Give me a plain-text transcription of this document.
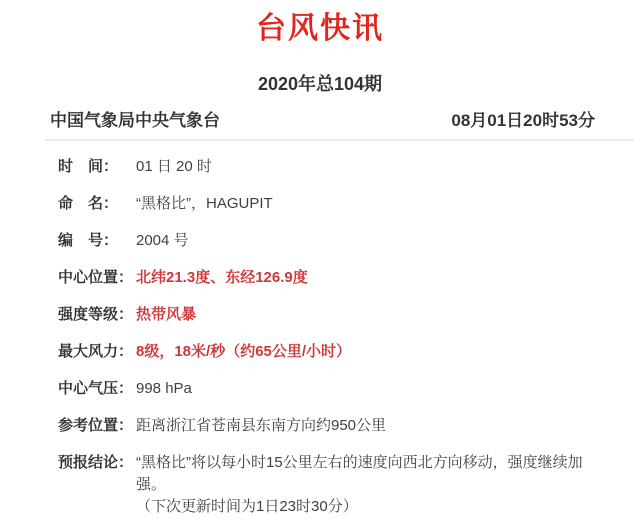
台风快讯
2020年总104期
中国气象局中央气象台	08月01日20时53分
时　间：	01 日 20 时
命　名：	“黑格比”，HAGUPIT
编　号：	2004 号
中心位置： 北纬21.3度、东经126.9度
强度等级： 热带风暴
最大风力： 8级，18米/秒（约65公里/小时）
中心气压： 998 hPa
参考位置： 距离浙江省苍南县东南方向约950公里
预报结论： “黑格比”将以每小时15公里左右的速度向西北方向移动，强度继续加强。
（下次更新时间为1日23时30分）
